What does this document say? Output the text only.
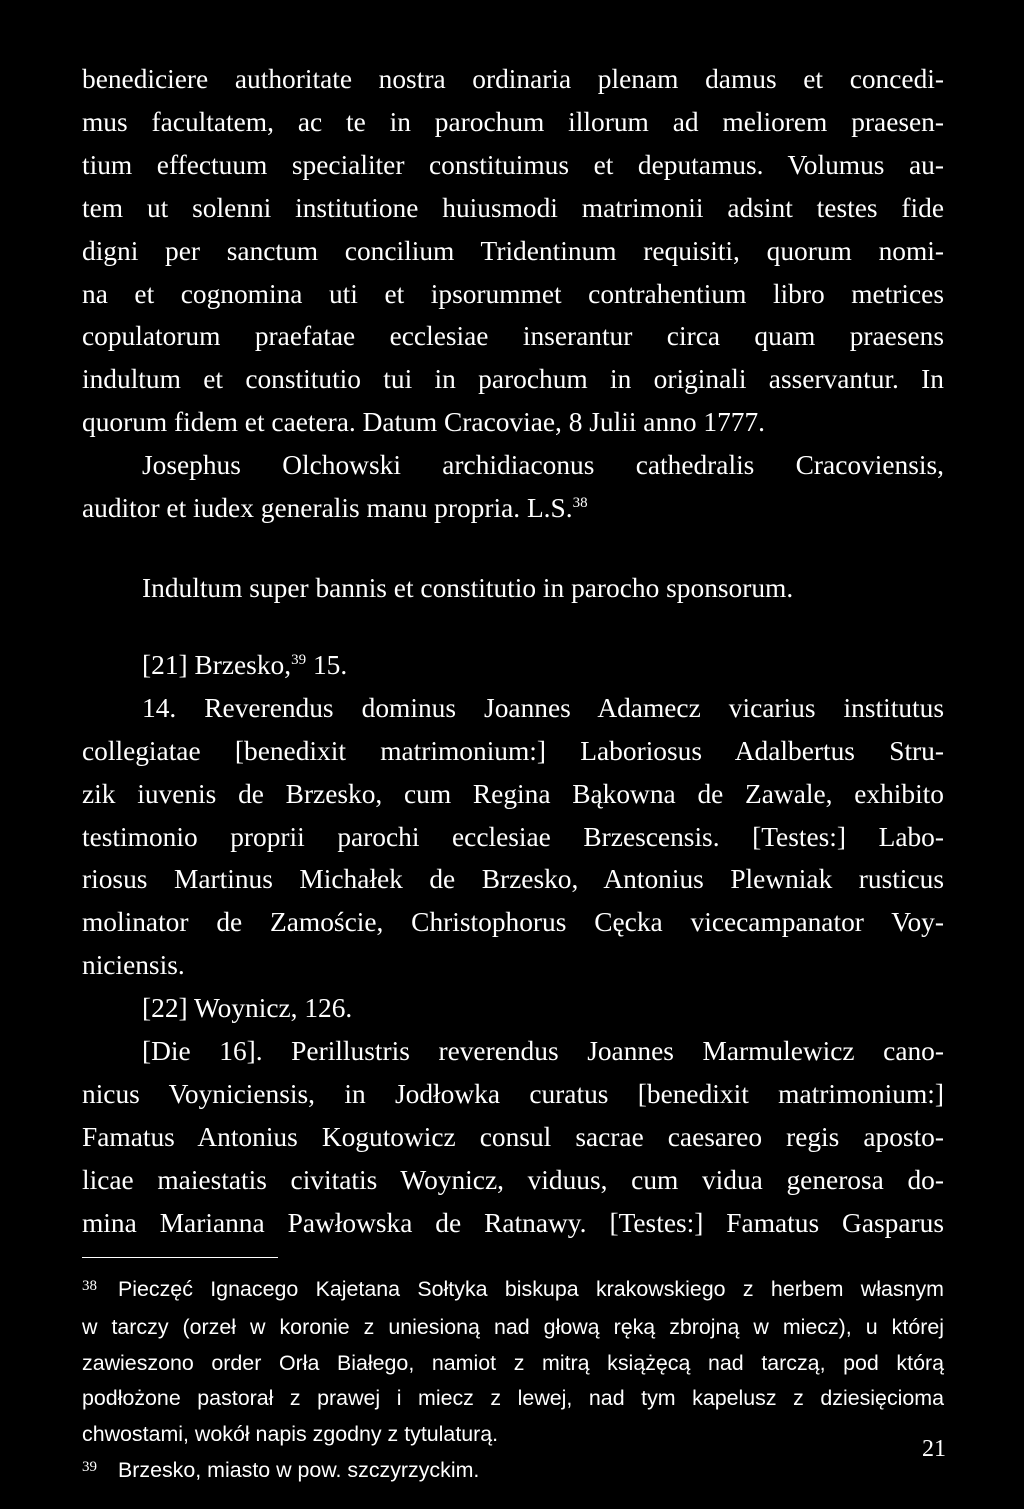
benediciere authoritate nostra ordinaria plenam damus et concedi-
mus facultatem, ac te in parochum illorum ad meliorem praesen-
tium effectuum specialiter constituimus et deputamus. Volumus au-
tem ut solenni institutione huiusmodi matrimonii adsint testes fide
digni per sanctum concilium Tridentinum requisiti, quorum nomi-
na et cognomina uti et ipsorummet contrahentium libro metrices
copulatorum praefatae ecclesiae inserantur circa quam praesens
indultum et constitutio tui in parochum in originali asservantur. In
quorum fidem et caetera. Datum Cracoviae, 8 Julii anno 1777.
Josephus Olchowski archidiaconus cathedralis Cracoviensis,
auditor et iudex generalis manu propria. L.S.$^{38}$
Indultum super bannis et constitutio in parocho sponsorum.
[21] Brzesko,$^{39}$ 15.
14. Reverendus dominus Joannes Adamecz vicarius institutus
collegiatae [benedixit matrimonium:] Laboriosus Adalbertus Stru-
zik iuvenis de Brzesko, cum Regina Bąkowna de Zawale, exhibito
testimonio proprii parochi ecclesiae Brzescensis. [Testes:] Labo-
riosus Martinus Michałek de Brzesko, Antonius Plewniak rusticus
molinator de Zamoście, Christophorus Cęcka vicecampanator Voy-
niciensis.
[22] Woynicz, 126.
[Die 16]. Perillustris reverendus Joannes Marmulewicz cano-
nicus Voyniciensis, in Jodłowka curatus [benedixit matrimonium:]
Famatus Antonius Kogutowicz consul sacrae caesareo regis aposto-
licae maiestatis civitatis Woynicz, viduus, cum vidua generosa do-
mina Marianna Pawłowska de Ratnawy. [Testes:] Famatus Gasparus
38 Pieczęć Ignacego Kajetana Sołtyka biskupa krakowskiego z herbem własnym
w tarczy (orzeł w koronie z uniesioną nad głową ręką zbrojną w miecz), u której
zawieszono order Orła Białego, namiot z mitrą książęcą nad tarczą, pod którą
podłożone pastorał z prawej i miecz z lewej, nad tym kapelusz z dziesięcioma
chwostami, wokół napis zgodny z tytulaturą.
39 Brzesko, miasto w pow. szczyrzyckim.
21
